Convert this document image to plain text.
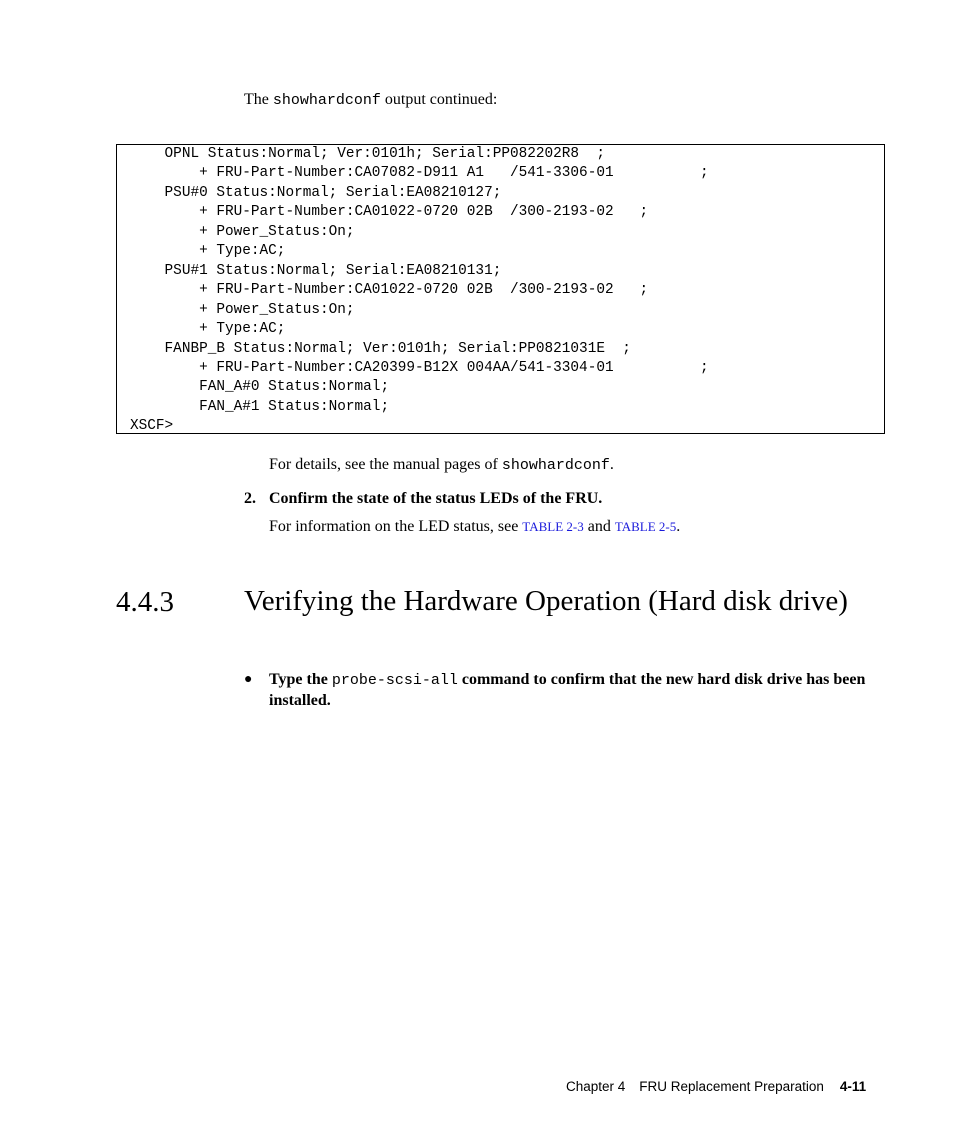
The showhardconf output continued:

OPNL Status:Normal; Ver:0101h; Serial:PP082202R8  ;
+ FRU-Part-Number:CA07082-D911 A1   /541-3306-01          ;
PSU#0 Status:Normal; Serial:EA08210127;
+ FRU-Part-Number:CA01022-0720 02B  /300-2193-02   ;
+ Power_Status:On;
+ Type:AC;
PSU#1 Status:Normal; Serial:EA08210131;
+ FRU-Part-Number:CA01022-0720 02B  /300-2193-02   ;
+ Power_Status:On;
+ Type:AC;
FANBP_B Status:Normal; Ver:0101h; Serial:PP0821031E  ;
+ FRU-Part-Number:CA20399-B12X 004AA/541-3304-01          ;
FAN_A#0 Status:Normal;
FAN_A#1 Status:Normal;
XSCF>

For details, see the manual pages of showhardconf.

2. Confirm the state of the status LEDs of the FRU.

For information on the LED status, see TABLE 2-3 and TABLE 2-5.

4.4.3 Verifying the Hardware Operation (Hard disk drive)
● Type the probe-scsi-all command to confirm that the new hard disk drive has been installed.
Chapter 4 FRU Replacement Preparation 4-11
